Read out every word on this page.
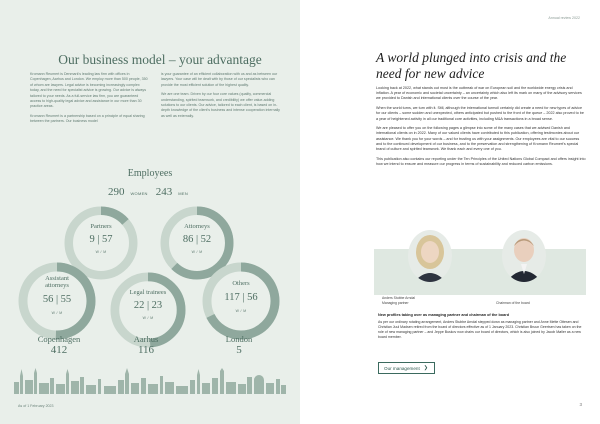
Our business model – your advantage

Kromann Reumert is Denmark's leading law firm with offices in Copenhagen, Aarhus and London. We employ more than 500 people, 350 of whom are lawyers. Legal advice is becoming increasingly complex today, and the need for specialist advice is growing. Our advice is always tailored to your needs. As a full-service law firm, you are guaranteed access to high-quality legal advice and assistance in our more than 30 practice areas.

Kromann Reumert is a partnership based on a principle of equal sharing between the partners. Our business model

is your guarantee of an efficient collaboration with us and as between our lawyers. Your case will be dealt with by those of our specialists who can provide the most efficient solution of the highest quality.

We are one team. Driven by our four core values (quality, commercial understanding, spirited teamwork, and credibility) we offer value-adding solutions to our clients. Our advice, tailored to each client, is based on in-depth knowledge of the client's business and intense cooperation internally as well as externally.

Employees
290 WOMEN 243 MEN
Partners
9 | 57
W / M
Attorneys
86 | 52
W / M
Assistant attorneys
56 | 55
W / M
Legal trainees
22 | 23
W / M
Others
117 | 56
W / M
Copenhagen
412
Aarhus
116
London
5
As of 1 February 2023
Annual review 2022
A world plunged into crisis and the need for new advice

Looking back at 2022, what stands out most is the outbreak of war on European soil and the worldwide energy crisis and inflation. A year of economic and societal uncertainty – an uncertainty which also left its mark on many of the advisory services we provided to Danish and international clients over the course of the year.

When the world turns, we turn with it. Still, although the international turmoil certainly did create a need for new types of advice for our clients – some sudden and unexpected, others anticipated but pushed to the front of the queue – 2022 also proved to be a year of heightened activity in all our traditional core activities, including M&A transactions in a broad sense.

We are pleased to offer you on the following pages a glimpse into some of the many cases that we advised Danish and international clients on in 2022. Many of our valued clients have contributed to this publication, offering testimonies about our assistance. We thank you for your words – and for trusting us with your assignments. Our employees are vital to our success and to the continued development of our business, and to the preservation and strengthening of Kromann Reumert's special brand of culture and spirited teamwork. We thank each and every one of you.

This publication also contains our reporting under the Ten Principles of the United Nations Global Compact and offers insight into how we intend to ensure and measure our progress in terms of sustainability and reduced carbon emissions.

Anders Stubbe Arndal
Managing partner	Chairman of the board
New profiles taking over as managing partner and chairman of the board
As per our ordinary rotating arrangement, Anders Stubbe Arndal stepped down as managing partner and Anne Mette Ottesen and Christian Juul Madsen retired from the board of directors effective as of 1 January 2023. Christian Bruun Geertsen has taken on the role of new managing partner – and Jeppe Buskov now chairs our board of directors, which is also joined by Jacob Møller as a new board member.
Our management ❯
3
